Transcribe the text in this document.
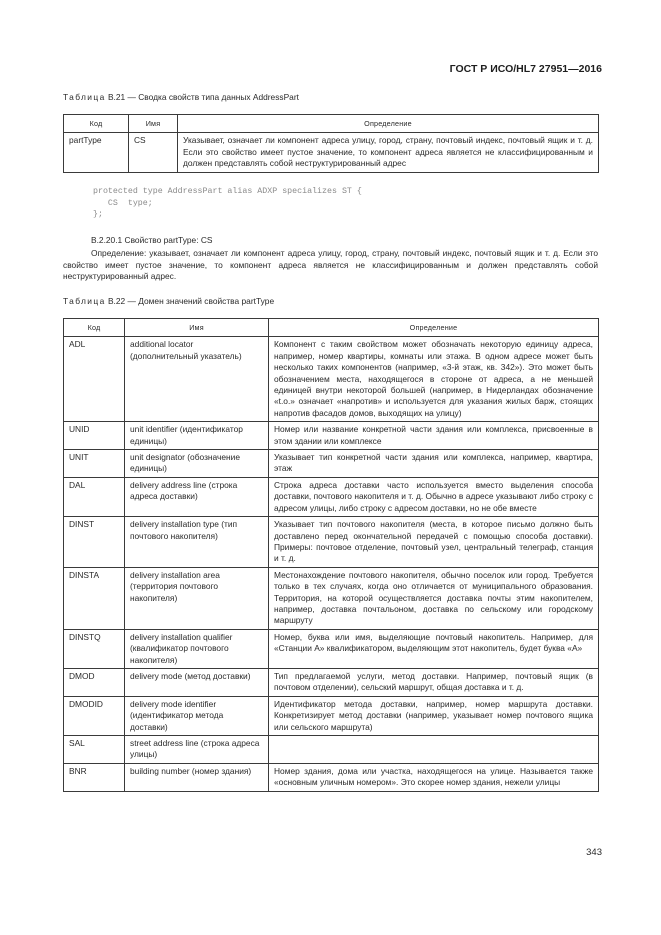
ГОСТ Р ИСО/HL7 27951—2016
Таблица В.21 — Сводка свойств типа данных AddressPart
Код	Имя	Определение
partType	CS	Указывает, означает ли компонент адреса улицу, город, страну, почтовый индекс, почтовый ящик и т. д. Если это свойство имеет пустое значение, то компонент адреса является не классифицированным и должен представлять собой неструктурированный адрес
protected type AddressPart alias ADXP specializes ST {
CS  type;
};
В.2.20.1 Свойство partType: CS
Определение: указывает, означает ли компонент адреса улицу, город, страну, почтовый индекс, почтовый ящик и т. д. Если это свойство имеет пустое значение, то компонент адреса является не классифицированным и должен представлять собой неструктурированный адрес.
Таблица В.22 — Домен значений свойства partType
Код	Имя	Определение
ADL	additional locator (дополнительный указатель)	Компонент с таким свойством может обозначать некоторую единицу адреса, например, номер квартиры, комнаты или этажа. В одном адресе может быть несколько таких компонентов (например, «3-й этаж, кв. 342»). Это может быть обозначением места, находящегося в стороне от адреса, а не меньшей единицей внутри некоторой большей (например, в Нидерландах обозначение «t.o.» означает «напротив» и используется для указания жилых барж, стоящих напротив фасадов домов, выходящих на улицу)
UNID	unit identifier (идентификатор единицы)	Номер или название конкретной части здания или комплекса, присвоенные в этом здании или комплексе
UNIT	unit designator (обозначение единицы)	Указывает тип конкретной части здания или комплекса, например, квартира, этаж
DAL	delivery address line (строка адреса доставки)	Строка адреса доставки часто используется вместо выделения способа доставки, почтового накопителя и т. д. Обычно в адресе указывают либо строку с адресом улицы, либо строку с адресом доставки, но не обе вместе
DINST	delivery installation type (тип почтового накопителя)	Указывает тип почтового накопителя (места, в которое письмо должно быть доставлено перед окончательной передачей с помощью способа доставки). Примеры: почтовое отделение, почтовый узел, центральный телеграф, станция и т. д.
DINSTA	delivery installation area (территория почтового накопителя)	Местонахождение почтового накопителя, обычно поселок или город. Требуется только в тех случаях, когда оно отличается от муниципального образования. Территория, на которой осуществляется доставка почты этим накопителем, например, доставка почтальоном, доставка по сельскому или городскому маршруту
DINSTQ	delivery installation qualifier (квалификатор почтового накопителя)	Номер, буква или имя, выделяющие почтовый накопитель. Например, для «Станции А» квалификатором, выделяющим этот накопитель, будет буква «А»
DMOD	delivery mode (метод доставки)	Тип предлагаемой услуги, метод доставки. Например, почтовый ящик (в почтовом отделении), сельский маршрут, общая доставка и т. д.
DMODID	delivery mode identifier (идентификатор метода доставки)	Идентификатор метода доставки, например, номер маршрута доставки. Конкретизирует метод доставки (например, указывает номер почтового ящика или сельского маршрута)
SAL	street address line (строка адреса улицы)	
BNR	building number (номер здания)	Номер здания, дома или участка, находящегося на улице. Называется также «основным уличным номером». Это скорее номер здания, нежели улицы
343
